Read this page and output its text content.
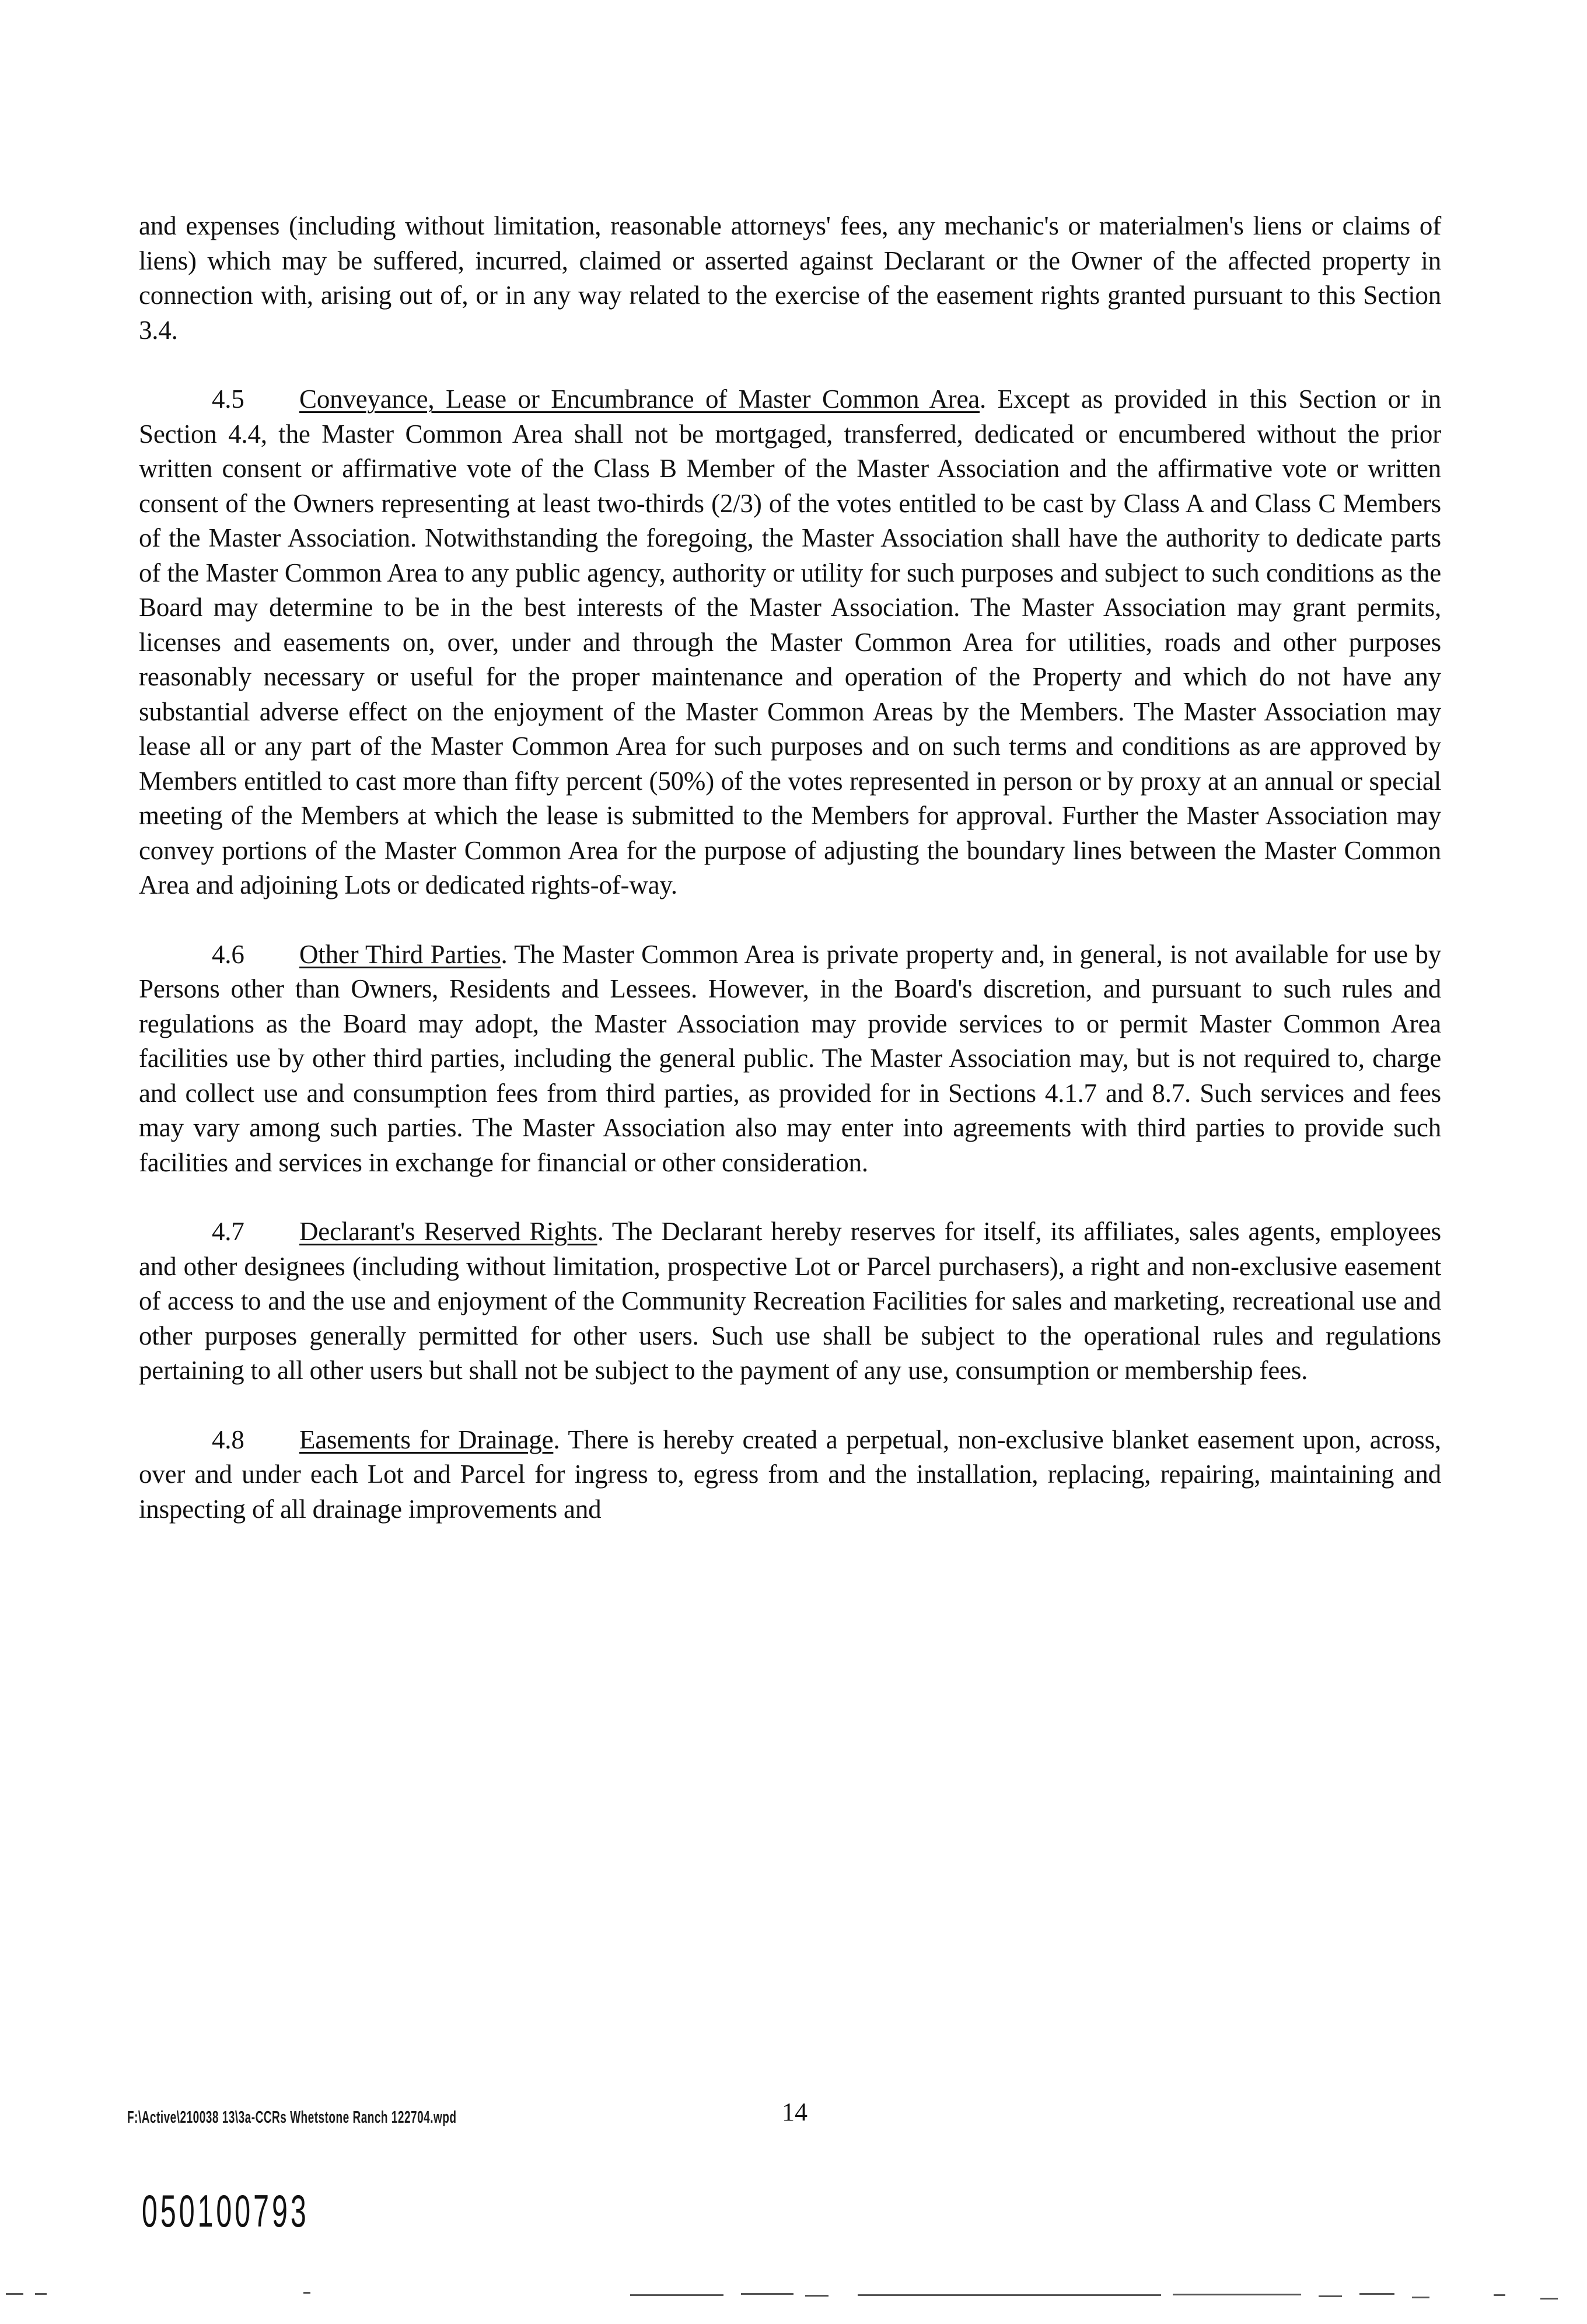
and expenses (including without limitation, reasonable attorneys' fees, any mechanic's or materialmen's liens or claims of liens) which may be suffered, incurred, claimed or asserted against Declarant or the Owner of the affected property in connection with, arising out of, or in any way related to the exercise of the easement rights granted pursuant to this Section 3.4.

4.5 Conveyance, Lease or Encumbrance of Master Common Area. Except as provided in this Section or in Section 4.4, the Master Common Area shall not be mortgaged, transferred, dedicated or encumbered without the prior written consent or affirmative vote of the Class B Member of the Master Association and the affirmative vote or written consent of the Owners representing at least two-thirds (2/3) of the votes entitled to be cast by Class A and Class C Members of the Master Association. Notwithstanding the foregoing, the Master Association shall have the authority to dedicate parts of the Master Common Area to any public agency, authority or utility for such purposes and subject to such conditions as the Board may determine to be in the best interests of the Master Association. The Master Association may grant permits, licenses and easements on, over, under and through the Master Common Area for utilities, roads and other purposes reasonably necessary or useful for the proper maintenance and operation of the Property and which do not have any substantial adverse effect on the enjoyment of the Master Common Areas by the Members. The Master Association may lease all or any part of the Master Common Area for such purposes and on such terms and conditions as are approved by Members entitled to cast more than fifty percent (50%) of the votes represented in person or by proxy at an annual or special meeting of the Members at which the lease is submitted to the Members for approval. Further the Master Association may convey portions of the Master Common Area for the purpose of adjusting the boundary lines between the Master Common Area and adjoining Lots or dedicated rights-of-way.

4.6 Other Third Parties. The Master Common Area is private property and, in general, is not available for use by Persons other than Owners, Residents and Lessees. However, in the Board's discretion, and pursuant to such rules and regulations as the Board may adopt, the Master Association may provide services to or permit Master Common Area facilities use by other third parties, including the general public. The Master Association may, but is not required to, charge and collect use and consumption fees from third parties, as provided for in Sections 4.1.7 and 8.7. Such services and fees may vary among such parties. The Master Association also may enter into agreements with third parties to provide such facilities and services in exchange for financial or other consideration.

4.7 Declarant's Reserved Rights. The Declarant hereby reserves for itself, its affiliates, sales agents, employees and other designees (including without limitation, prospective Lot or Parcel purchasers), a right and non-exclusive easement of access to and the use and enjoyment of the Community Recreation Facilities for sales and marketing, recreational use and other purposes generally permitted for other users. Such use shall be subject to the operational rules and regulations pertaining to all other users but shall not be subject to the payment of any use, consumption or membership fees.

4.8 Easements for Drainage. There is hereby created a perpetual, non-exclusive blanket easement upon, across, over and under each Lot and Parcel for ingress to, egress from and the installation, replacing, repairing, maintaining and inspecting of all drainage improvements and

F:\Active\210038 13\3a-CCRs Whetstone Ranch 122704.wpd	14
050100793
